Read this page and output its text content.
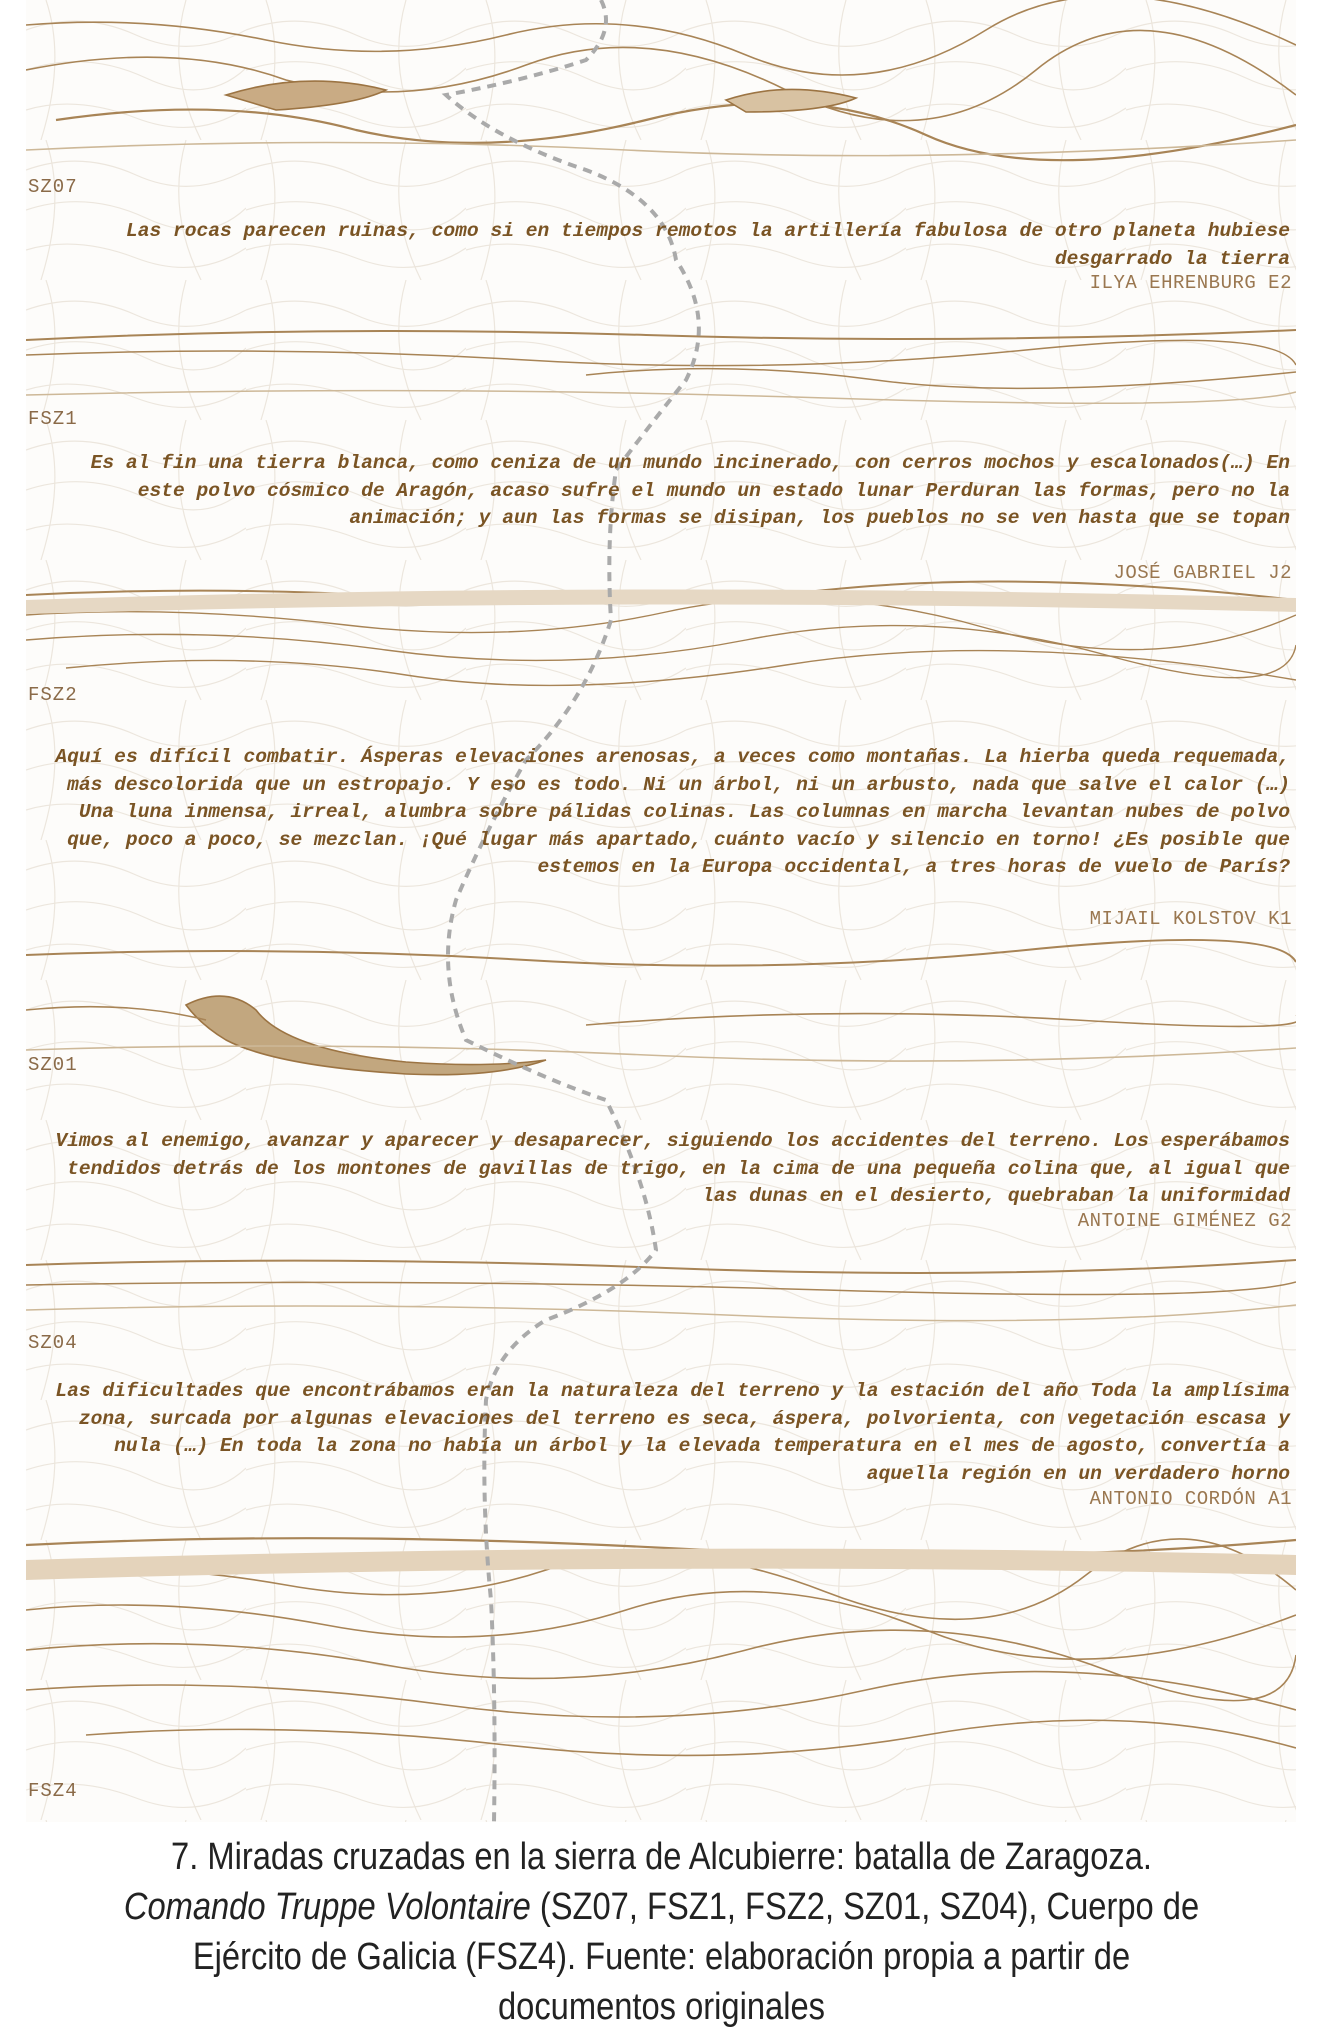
SZ07
Las rocas parecen ruinas, como si en tiempos remotos la artillería fabulosa de otro planeta hubiese desgarrado la tierra
ILYA EHRENBURG E2
FSZ1
Es al fin una tierra blanca, como ceniza de un mundo incinerado, con cerros mochos y escalonados(…) En este polvo cósmico de Aragón, acaso sufre el mundo un estado lunar Perduran las formas, pero no la animación; y aun las formas se disipan, los pueblos no se ven hasta que se topan
JOSÉ GABRIEL J2
FSZ2
Aquí es difícil combatir. Ásperas elevaciones arenosas, a veces como montañas. La hierba queda requemada, más descolorida que un estropajo. Y eso es todo. Ni un árbol, ni un arbusto, nada que salve el calor (…) Una luna inmensa, irreal, alumbra sobre pálidas colinas. Las columnas en marcha levantan nubes de polvo que, poco a poco, se mezclan. ¡Qué lugar más apartado, cuánto vacío y silencio en torno! ¿Es posible que estemos en la Europa occidental, a tres horas de vuelo de París?
MIJAIL KOLSTOV K1
SZ01
Vimos al enemigo, avanzar y aparecer y desaparecer, siguiendo los accidentes del terreno. Los esperábamos tendidos detrás de los montones de gavillas de trigo, en la cima de una pequeña colina que, al igual que las dunas en el desierto, quebraban la uniformidad
ANTOINE GIMÉNEZ G2
SZ04
Las dificultades que encontrábamos eran la naturaleza del terreno y la estación del año Toda la amplísima zona, surcada por algunas elevaciones del terreno es seca, áspera, polvorienta, con vegetación escasa y nula (…) En toda la zona no había un árbol y la elevada temperatura en el mes de agosto, convertía a aquella región en un verdadero horno
ANTONIO CORDÓN A1
FSZ4
7. Miradas cruzadas en la sierra de Alcubierre: batalla de Zaragoza. Comando Truppe Volontaire (SZ07, FSZ1, FSZ2, SZ01, SZ04), Cuerpo de Ejército de Galicia (FSZ4). Fuente: elaboración propia a partir de documentos originales
